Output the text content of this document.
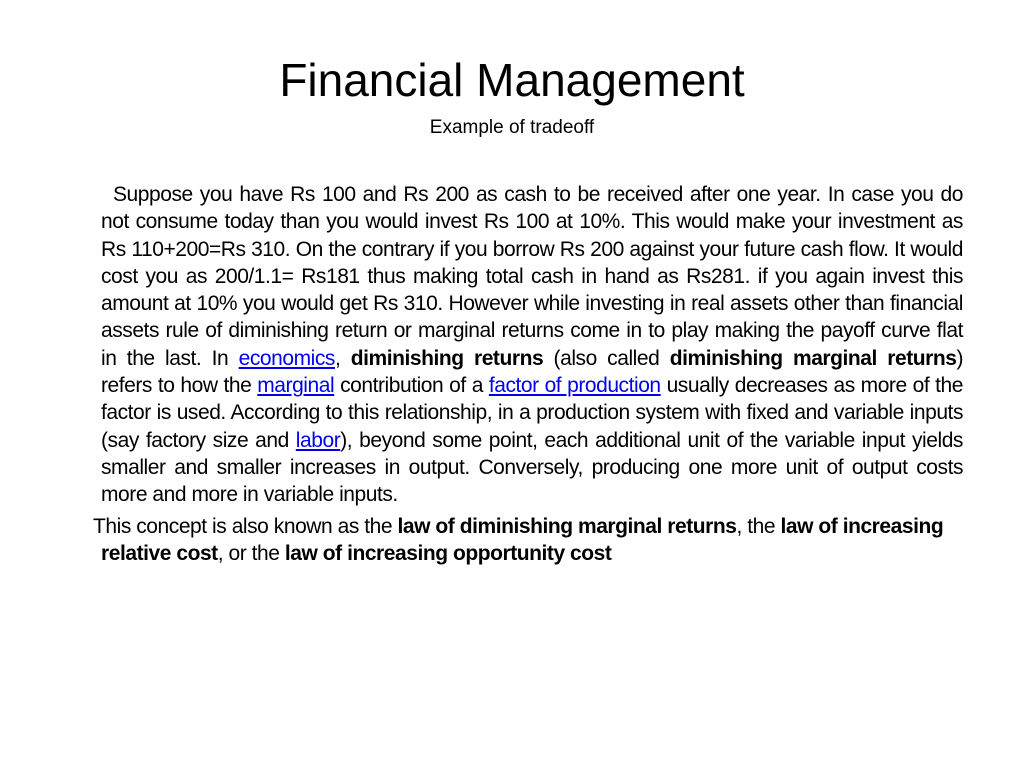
Financial Management
Example of tradeoff

Suppose you have Rs 100 and Rs 200 as cash to be received after one year. In case you do not consume today than you would invest Rs 100 at 10%. This would make your investment as Rs 110+200=Rs 310. On the contrary if you borrow Rs 200 against your future cash flow. It would cost you as 200/1.1= Rs181 thus making total cash in hand as Rs281. if you again invest this amount at 10% you would get Rs 310. However while investing in real assets other than financial assets rule of diminishing return or marginal returns come in to play making the payoff curve flat in the last. In economics, diminishing returns (also called diminishing marginal returns) refers to how the marginal contribution of a factor of production usually decreases as more of the factor is used. According to this relationship, in a production system with fixed and variable inputs (say factory size and labor), beyond some point, each additional unit of the variable input yields smaller and smaller increases in output. Conversely, producing one more unit of output costs more and more in variable inputs.

This concept is also known as the law of diminishing marginal returns, the law of increasing relative cost, or the law of increasing opportunity cost
